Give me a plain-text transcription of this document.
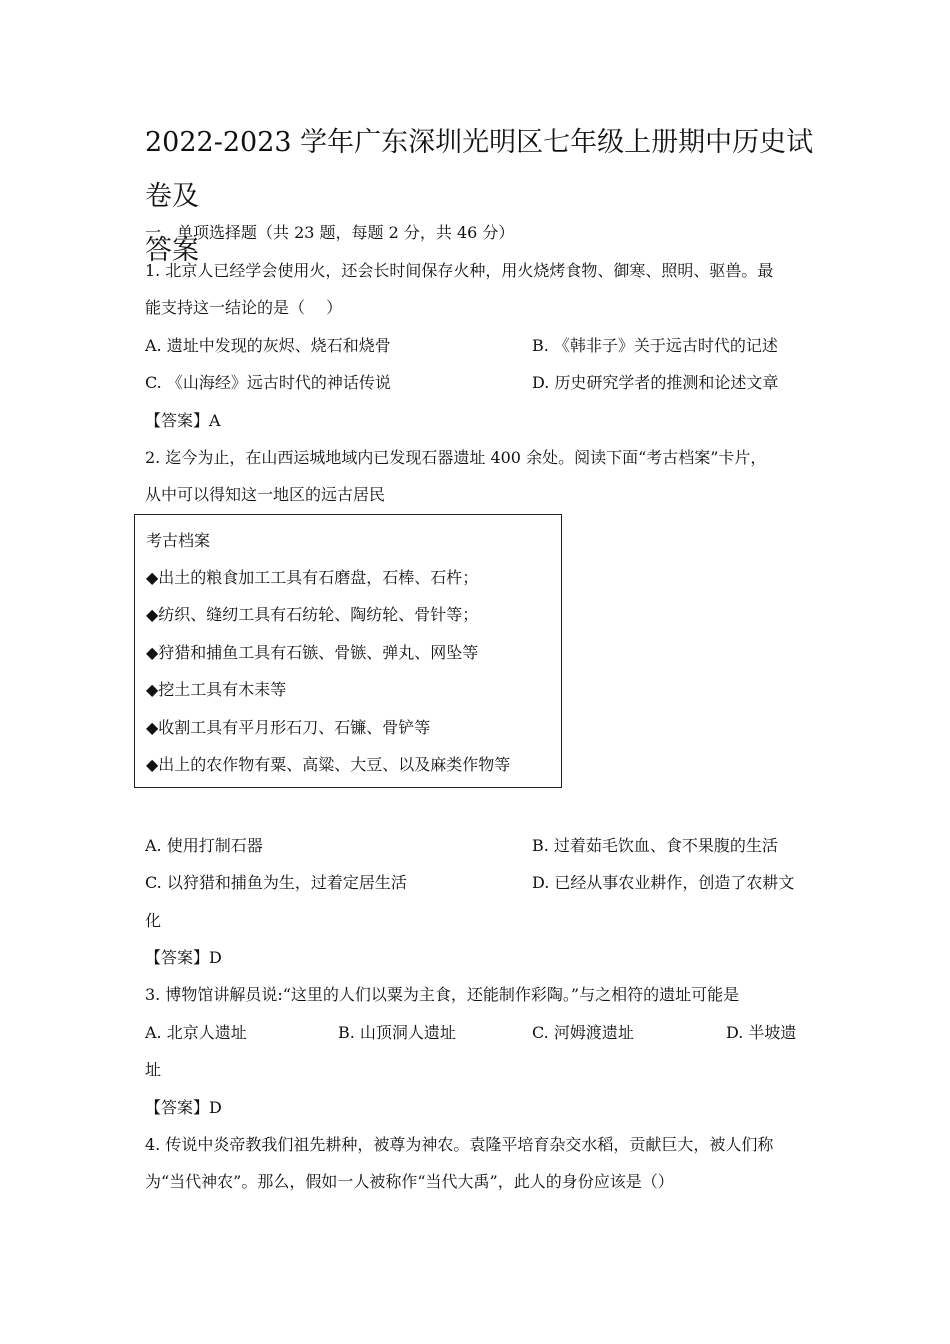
2022-2023 学年广东深圳光明区七年级上册期中历史试卷及
答案
一、单项选择题（共 23 题，每题 2 分，共 46 分）
1. 北京人已经学会使用火，还会长时间保存火种，用火烧烤食物、御寒、照明、驱兽。最
能支持这一结论的是（　 ）
A. 遗址中发现的灰烬、烧石和烧骨	B. 《韩非子》关于远古时代的记述
C. 《山海经》远古时代的神话传说	D. 历史研究学者的推测和论述文章
【答案】A
2. 迄今为止，在山西运城地域内已发现石器遗址 400 余处。阅读下面“考古档案”卡片，
从中可以得知这一地区的远古居民
考古档案
◆出土的粮食加工工具有石磨盘，石棒、石杵；
◆纺织、缝纫工具有石纺轮、陶纺轮、骨针等；
◆狩猎和捕鱼工具有石镞、骨镞、弹丸、网坠等
◆挖土工具有木耒等
◆收割工具有平月形石刀、石镰、骨铲等
◆出上的农作物有粟、高粱、大豆、以及麻类作物等
A. 使用打制石器	B. 过着茹毛饮血、食不果腹的生活
C. 以狩猎和捕鱼为生，过着定居生活	D. 已经从事农业耕作，创造了农耕文
化
【答案】D
3. 博物馆讲解员说:“这里的人们以粟为主食，还能制作彩陶。”与之相符的遗址可能是
A. 北京人遗址	B. 山顶洞人遗址	C. 河姆渡遗址	D. 半坡遗
址
【答案】D
4. 传说中炎帝教我们祖先耕种，被尊为神农。袁隆平培育杂交水稻，贡献巨大，被人们称
为“当代神农”。那么，假如一人被称作“当代大禹”，此人的身份应该是（）
